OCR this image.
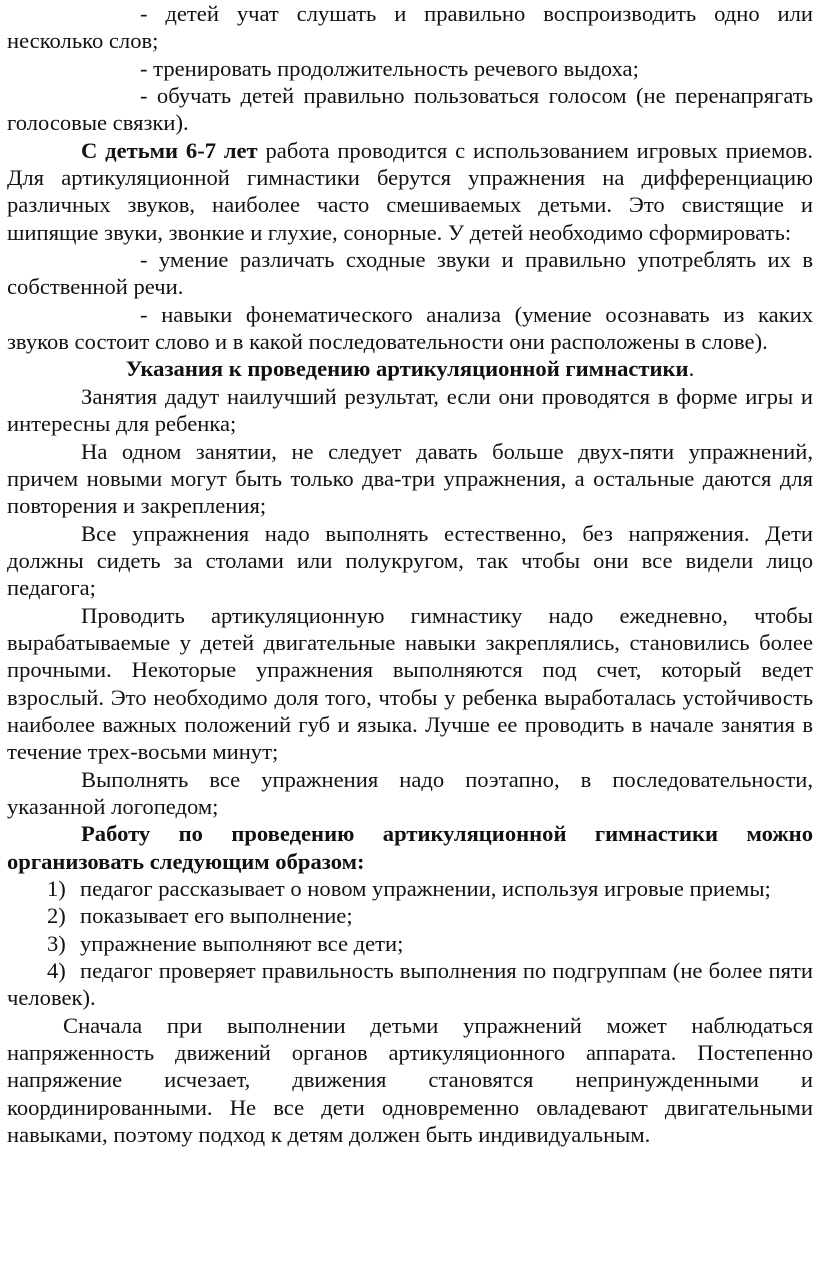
- детей учат слушать и правильно воспроизводить одно или несколько слов;

- тренировать продолжительность речевого выдоха;

- обучать детей правильно пользоваться голосом (не перенапрягать голосовые связки).

С детьми 6-7 лет работа проводится с использованием игровых приемов. Для артикуляционной гимнастики берутся упражнения на дифференциацию различных звуков, наиболее часто смешиваемых детьми. Это свистящие и шипящие звуки, звонкие и глухие, сонорные. У детей необходимо сформировать:

- умение различать сходные звуки и правильно употреблять их в собственной речи.

- навыки фонематического анализа (умение осознавать из каких звуков состоит слово и в какой последовательности они расположены в слове).

Указания к проведению артикуляционной гимнастики.

Занятия дадут наилучший результат, если они проводятся в форме игры и интересны для ребенка;

На одном занятии, не следует давать больше двух-пяти упражнений, причем новыми могут быть только два-три упражнения, а остальные даются для повторения и закрепления;

Все упражнения надо выполнять естественно, без напряжения. Дети должны сидеть за столами или полукругом, так чтобы они все видели лицо педагога;

Проводить артикуляционную гимнастику надо ежедневно, чтобы вырабатываемые у детей двигательные навыки закреплялись, становились более прочными. Некоторые упражнения выполняются под счет, который ведет взрослый. Это необходимо доля того, чтобы у ребенка выработалась устойчивость наиболее важных положений губ и языка. Лучше ее проводить в начале занятия в течение трех-восьми минут;

Выполнять все упражнения надо поэтапно, в последовательности, указанной логопедом;

Работу по проведению артикуляционной гимнастики можно организовать следующим образом:

1) педагог рассказывает о новом упражнении, используя игровые приемы;

2) показывает его выполнение;

3) упражнение выполняют все дети;

4) педагог проверяет правильность выполнения по подгруппам (не более пяти человек).

Сначала при выполнении детьми упражнений может наблюдаться напряженность движений органов артикуляционного аппарата. Постепенно напряжение исчезает, движения становятся непринужденными и координированными. Не все дети одновременно овладевают двигательными навыками, поэтому подход к детям должен быть индивидуальным.
